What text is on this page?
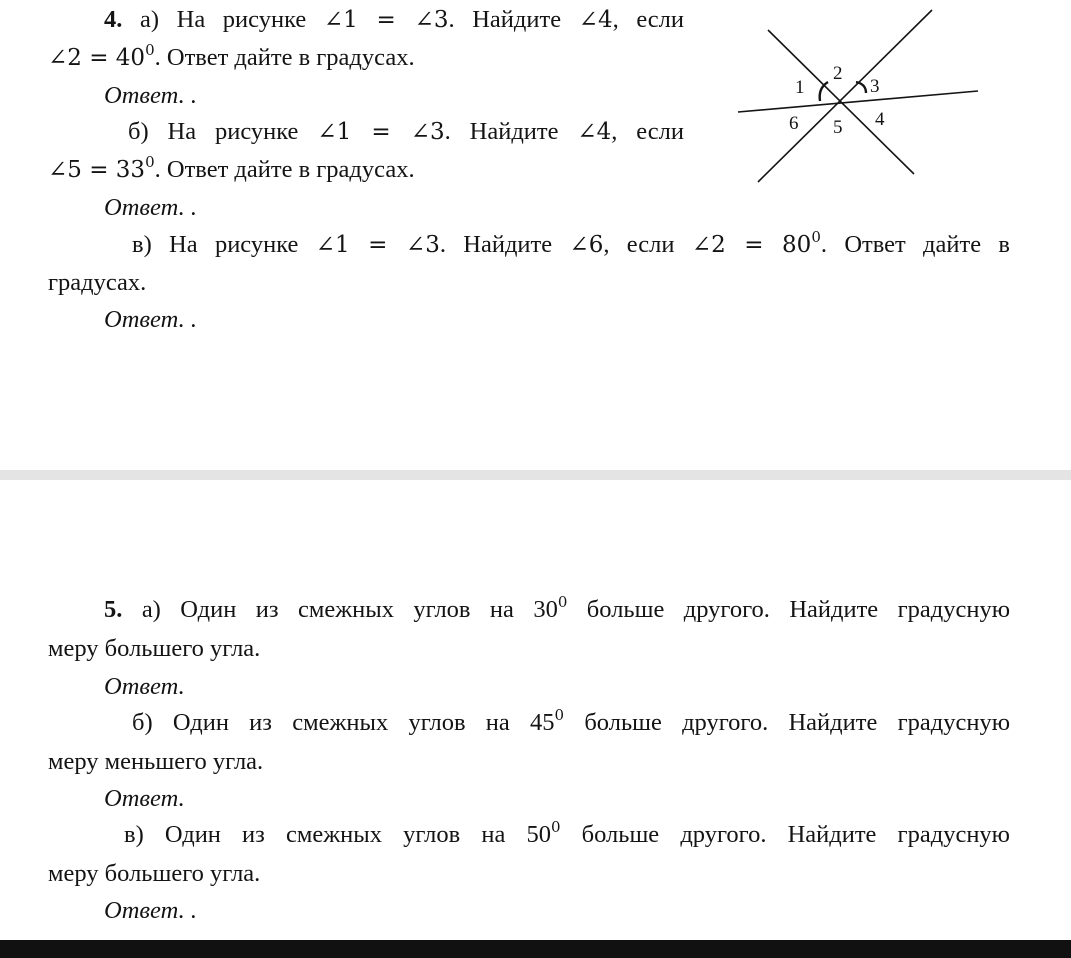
4. а) На рисунке ∠1 = ∠3. Найдите ∠4, если
∠2 = $40^0$. Ответ дайте в градусах.
Ответ. .
б) На рисунке ∠1 = ∠3. Найдите ∠4, если
∠5 = $33^0$. Ответ дайте в градусах.
Ответ. .
в) На рисунке ∠1 = ∠3. Найдите ∠6, если ∠2 = $80^0$. Ответ дайте в
градусах.
Ответ. .
1
2
3
4
5
6
5. а) Один из смежных углов на $30^0$ больше другого. Найдите градусную
меру большего угла.
Ответ.
б) Один из смежных углов на $45^0$ больше другого. Найдите градусную
меру меньшего угла.
Ответ.
в) Один из смежных углов на $50^0$ больше другого. Найдите градусную
меру большего угла.
Ответ. .
